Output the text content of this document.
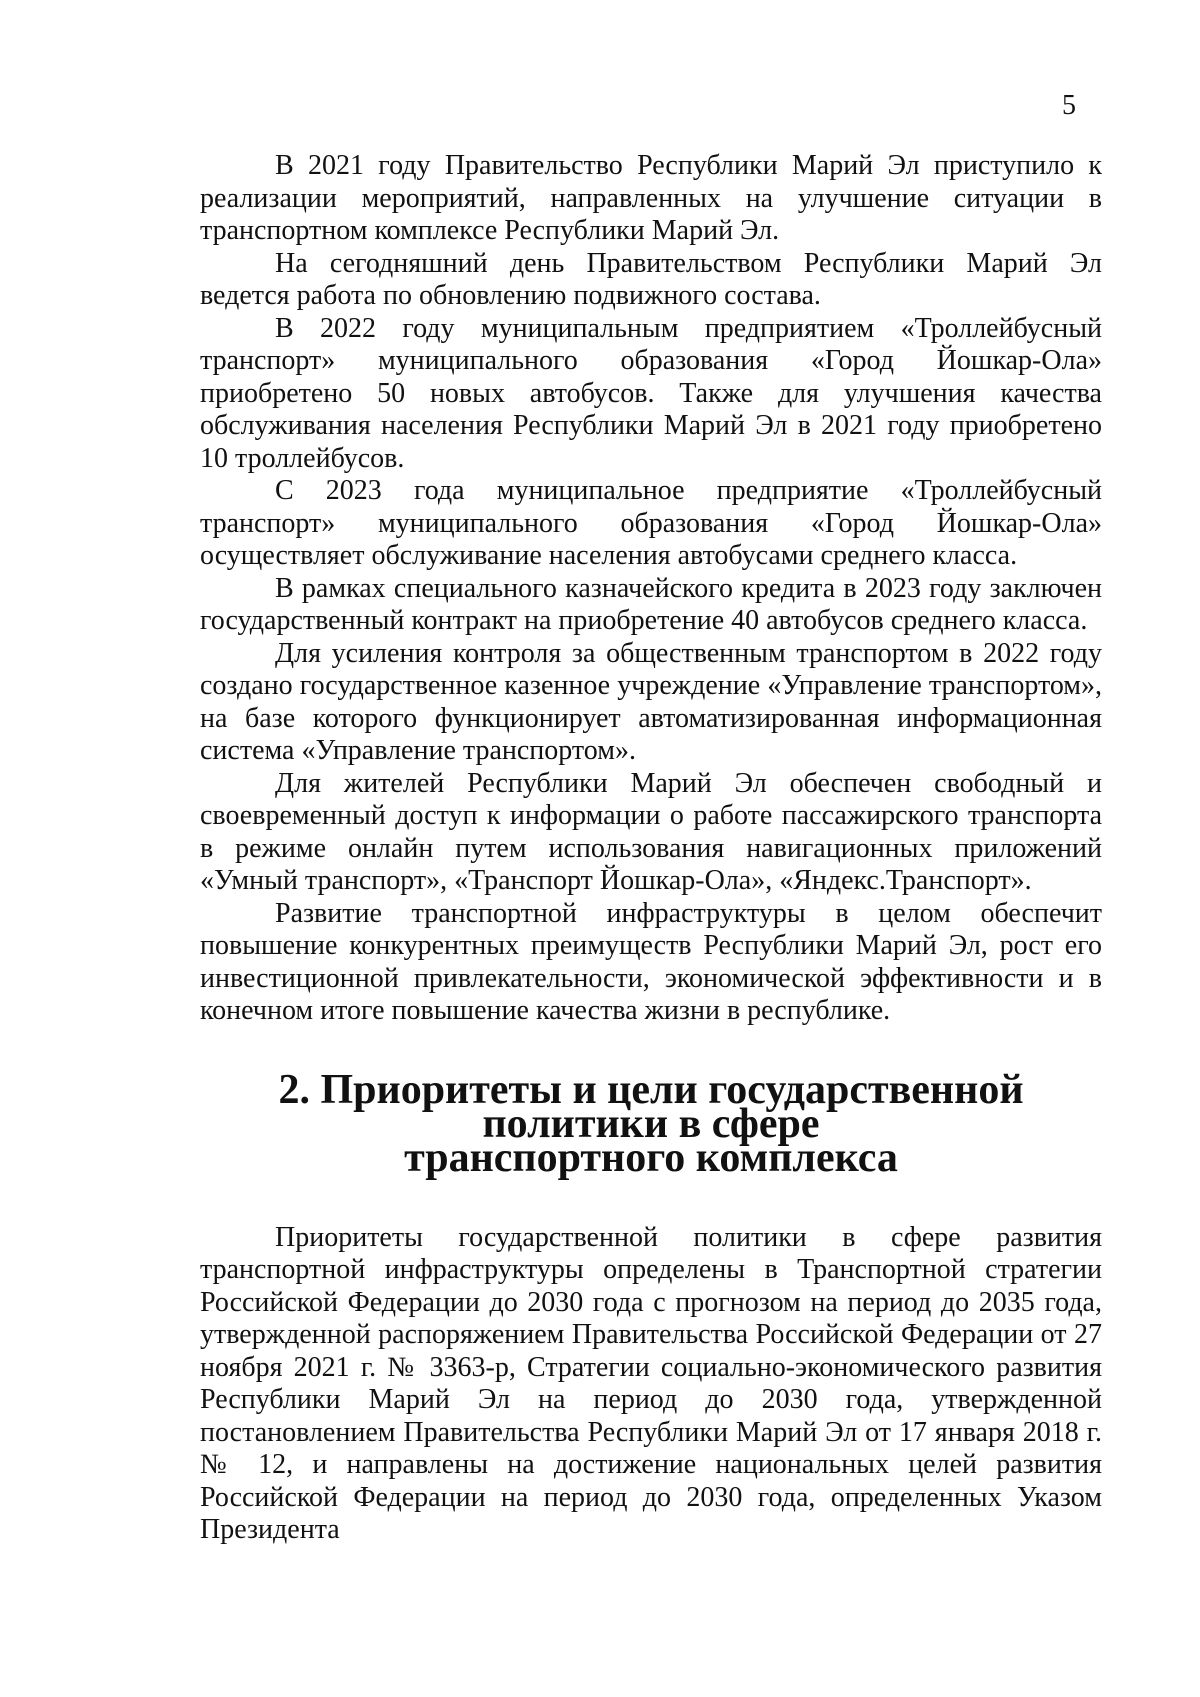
5

В 2021 году Правительство Республики Марий Эл приступило к реализации мероприятий, направленных на улучшение ситуации в транспортном комплексе Республики Марий Эл.

На сегодняшний день Правительством Республики Марий Эл ведется работа по обновлению подвижного состава.

В 2022 году муниципальным предприятием «Троллейбусный транспорт» муниципального образования «Город Йошкар-Ола» приобретено 50 новых автобусов. Также для улучшения качества обслуживания населения Республики Марий Эл в 2021 году приобретено 10 троллейбусов.

С 2023 года муниципальное предприятие «Троллейбусный транспорт» муниципального образования «Город Йошкар-Ола» осуществляет обслуживание населения автобусами среднего класса.

В рамках специального казначейского кредита в 2023 году заключен государственный контракт на приобретение 40 автобусов среднего класса.

Для усиления контроля за общественным транспортом в 2022 году создано государственное казенное учреждение «Управление транспортом», на базе которого функционирует автоматизированная информационная система «Управление транспортом».

Для жителей Республики Марий Эл обеспечен свободный и своевременный доступ к информации о работе пассажирского транспорта в режиме онлайн путем использования навигационных приложений «Умный транспорт», «Транспорт Йошкар-Ола», «Яндекс.Транспорт».

Развитие транспортной инфраструктуры в целом обеспечит повышение конкурентных преимуществ Республики Марий Эл, рост его инвестиционной привлекательности, экономической эффективности и в конечном итоге повышение качества жизни в республике.

2. Приоритеты и цели государственной политики в сфере
транспортного комплекса

Приоритеты государственной политики в сфере развития транспортной инфраструктуры определены в Транспортной стратегии Российской Федерации до 2030 года с прогнозом на период до 2035 года, утвержденной распоряжением Правительства Российской Федерации от 27 ноября 2021 г. № 3363-р, Стратегии социально-экономического развития Республики Марий Эл на период до 2030 года, утвержденной постановлением Правительства Республики Марий Эл от 17 января 2018 г. № 12, и направлены на достижение национальных целей развития Российской Федерации на период до 2030 года, определенных Указом Президента
